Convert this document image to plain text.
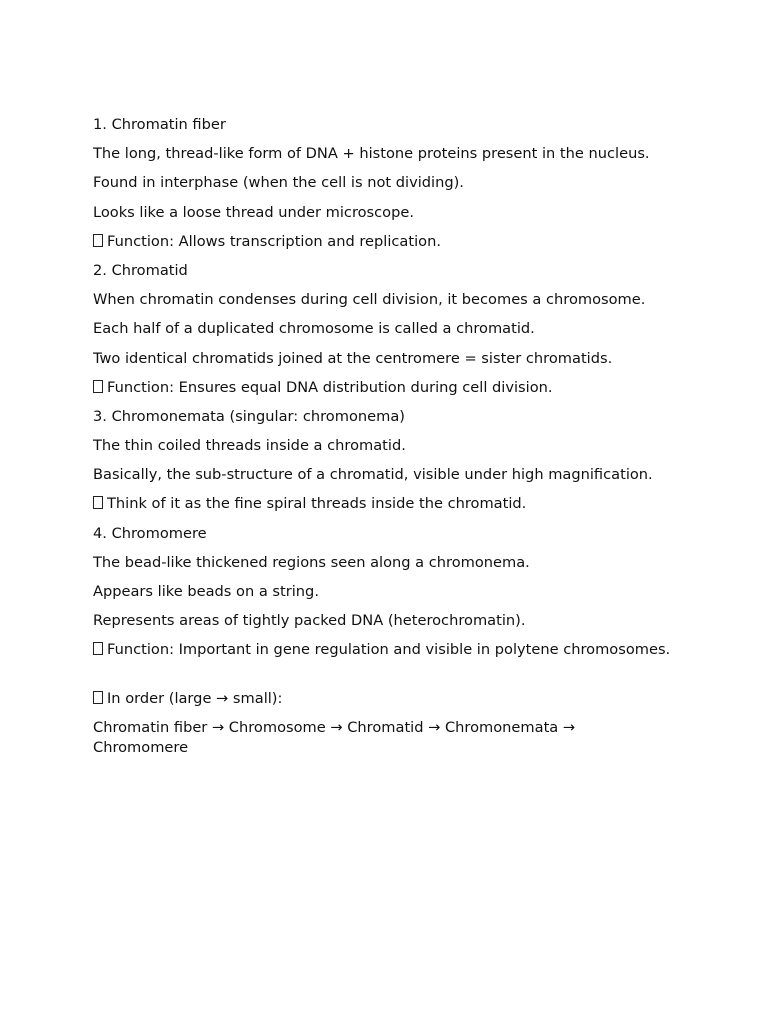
1. Chromatin fiber

The long, thread-like form of DNA + histone proteins present in the nucleus.

Found in interphase (when the cell is not dividing).

Looks like a loose thread under microscope.

Function: Allows transcription and replication.

2. Chromatid

When chromatin condenses during cell division, it becomes a chromosome.

Each half of a duplicated chromosome is called a chromatid.

Two identical chromatids joined at the centromere = sister chromatids.

Function: Ensures equal DNA distribution during cell division.

3. Chromonemata (singular: chromonema)

The thin coiled threads inside a chromatid.

Basically, the sub-structure of a chromatid, visible under high magnification.

Think of it as the fine spiral threads inside the chromatid.

4. Chromomere

The bead-like thickened regions seen along a chromonema.

Appears like beads on a string.

Represents areas of tightly packed DNA (heterochromatin).

Function: Important in gene regulation and visible in polytene chromosomes.

In order (large → small):

Chromatin fiber → Chromosome → Chromatid → Chromonemata → Chromomere
